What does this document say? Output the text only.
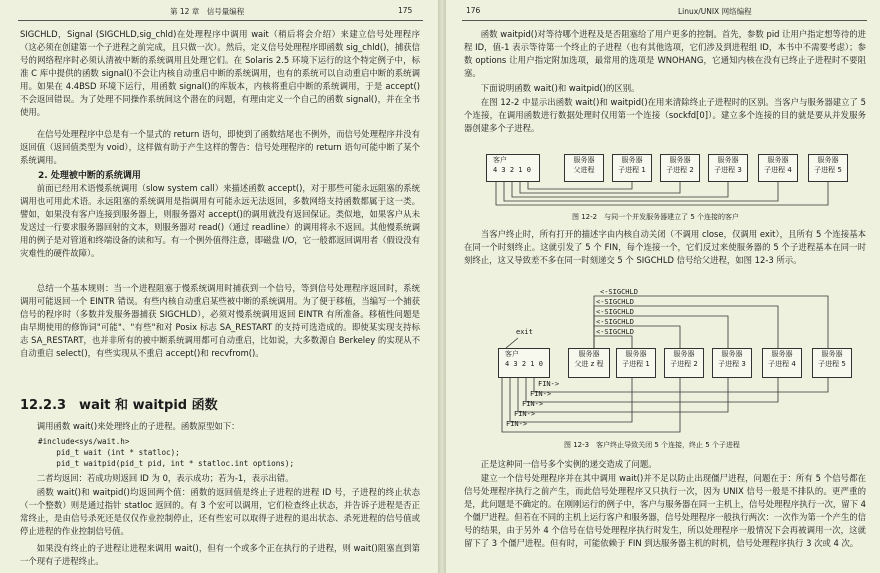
第 12 章　信号量编程	175

SIGCHLD，Signal (SIGCHLD,sig_chld)在处理程序中调用 wait（稍后将会介绍）来建立信号处理程序（这必须在创建第一个子进程之前完成，且只做一次）。然后，定义信号处理程序即函数 sig_chld()，捕获信号的网络程序时必须认清被中断的系统调用且处理它们。在 Solaris 2.5 环境下运行的这个特定例子中，标准 C 库中提供的函数 signal()不会让内核自动重启中断的系统调用，也有的系统可以自动重启中断的系统调用。如果在 4.4BSD 环境下运行，用函数 signal()的库版本，内核将重启中断的系统调用，于是 accept()不会返回错误。为了处理不同操作系统间这个潜在的问题，有理由定义一个自己的函数 signal()，并在全书使用。

在信号处理程序中总是有一个显式的 return 语句，即使到了函数结尾也不例外，而信号处理程序并没有返回值（返回值类型为 void），这样做有助于产生这样的警告：信号处理程序的 return 语句可能中断了某个系统调用。

2. 处理被中断的系统调用

前面已经用术语慢系统调用（slow system call）来描述函数 accept()，对于那些可能永远阻塞的系统调用也可用此术语。永远阻塞的系统调用是指调用有可能永远无法返回，多数网络支持函数都属于这一类。譬如，如果没有客户连接到服务器上，则服务器对 accept()的调用就没有返回保证。类似地，如果客户从未发送过一行要求服务器回射的文本，则服务器对 read()（通过 readline）的调用将永不返回。其他慢系统调用的例子是对管道和终端设备的读和写。有一个例外值得注意，即磁盘 I/O，它一般都返回调用者（假设没有灾难性的硬件故障）。

总结一个基本规则：当一个进程阻塞于慢系统调用时捕获到一个信号，等到信号处理程序返回时，系统调用可能返回一个 EINTR 错误。有些内核自动重启某些被中断的系统调用。为了便于移植，当编写一个捕获信号的程序时（多数并发服务器捕获 SIGCHLD），必须对慢系统调用返回 EINTR 有所准备。移植性问题是由早期使用的修饰词"可能"、"有些"和对 Posix 标志 SA_RESTART 的支持可选造成的。即使某实现支持标志 SA_RESTART，也并非所有的被中断系统调用都可自动重启，比如说，大多数源自 Berkeley 的实现从不自动重启 select()，有些实现从不重启 accept()和 recvfrom()。

12.2.3　wait 和 waitpid 函数

调用函数 wait()来处理终止的子进程。函数原型如下：

#include<sys/wait.h>
pid_t wait (int * statloc);
pid_t waitpid(pid_t pid, int * statloc.int options);

二者均返回：若成功则返回 ID 为 0，表示成功；若为-1，表示出错。

函数 wait()和 waitpid()均返回两个值：函数的返回值是终止子进程的进程 ID 号，子进程的终止状态（一个整数）则是通过指针 statloc 返回的。有 3 个宏可以调用，它们检查终止状态，并告诉子进程是否正常终止，是由信号杀死还是仅仅作业控制停止，还有些宏可以取得子进程的退出状态、杀死进程的信号值或停止进程的作业控制信号值。

如果没有终止的子进程让进程来调用 wait()，但有一个或多个正在执行的子进程，则 wait()阻塞直到第一个现有子进程终止。

176	Linux/UNIX 网络编程

函数 waitpid()对等待哪个进程及是否阻塞给了用户更多的控制。首先，参数 pid 让用户指定想等待的进程 ID，值-1 表示等待第一个终止的子进程（也有其他选项，它们涉及到进程组 ID，本书中不需要考虑）；参数 options 让用户指定附加选项，最常用的选项是 WNOHANG，它通知内核在没有已终止子进程时不要阻塞。

下面说明函数 wait()和 waitpid()的区别。

在图 12-2 中显示出函数 wait()和 waitpid()在用来清除终止子进程时的区别。当客户与服务器建立了 5 个连接，在调用函数进行数据处理时仅用第一个连接（sockfd[0]）。建立多个连接的目的就是要从并发服务器创建多个子进程。

客户
4 3 2 1 0
服务器
父进程
服务器
子进程 1
服务器
子进程 2
服务器
子进程 3
服务器
子进程 4
服务器
子进程 5
图 12-2　与同一个并发服务器建立了 5 个连接的客户

当客户终止时，所有打开的描述字由内核自动关闭（不调用 close，仅调用 exit），且所有 5 个连接基本在同一个时刻终止。这就引发了 5 个 FIN，每个连接一个，它们反过来使服务器的 5 个子进程基本在同一时刻终止，这又导致差不多在同一时刻递交 5 个 SIGCHLD 信号给父进程，如图 12-3 所示。

<-SIGCHLD
<-SIGCHLD
<-SIGCHLD
<-SIGCHLD
<-SIGCHLD
exit
客户
4 3 2 1 0
服务器
父进 z 程
服务器
子进程 1
服务器
子进程 2
服务器
子进程 3
服务器
子进程 4
服务器
子进程 5
FIN->
FIN->
FIN->
FIN->
FIN->
图 12-3　客户终止导致关闭 5 个连接，终止 5 个子进程

正是这种同一信号多个实例的递交造成了问题。

建立一个信号处理程序并在其中调用 wait()并不足以防止出现僵尸进程，问题在于：所有 5 个信号都在信号处理程序执行之前产生，而此信号处理程序又只执行一次，因为 UNIX 信号一般是不排队的。更严重的是，此问题是不确定的。在刚刚运行的例子中，客户与服务器在同一主机上，信号处理程序执行一次，留下 4 个僵尸进程。但若在不同的主机上运行客户和服务器，信号处理程序一般执行两次：一次作为第一个产生的信号的结果，由于另外 4 个信号在信号处理程序执行时发生，所以处理程序一般情况下会再被调用一次，这就留下了 3 个僵尸进程。但有时，可能依赖于 FIN 到达服务器主机的时机，信号处理程序执行 3 次或 4 次。
